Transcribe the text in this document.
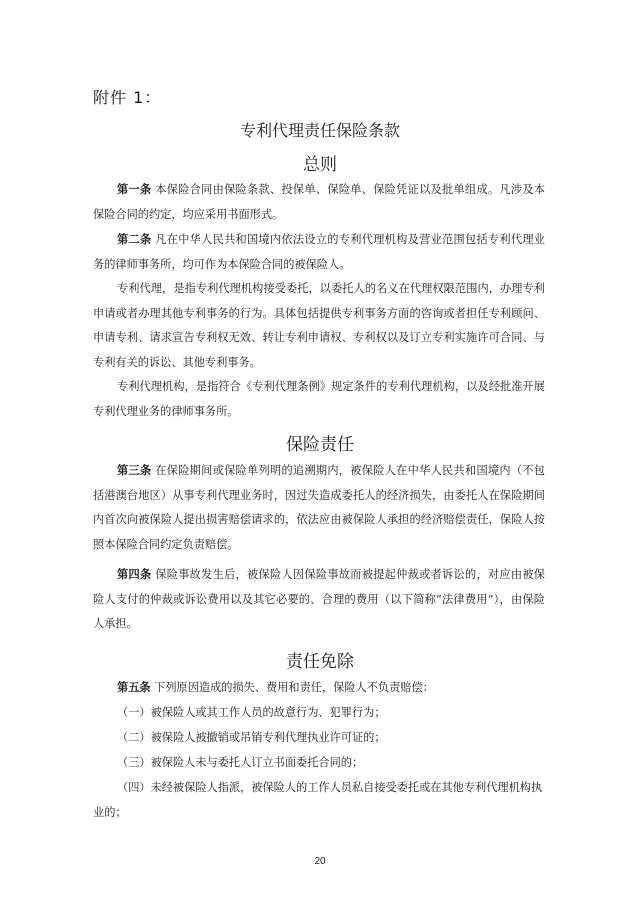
附件 1：
专利代理责任保险条款
总则
第一条 本保险合同由保险条款、投保单、保险单、保险凭证以及批单组成。凡涉及本保险合同的约定，均应采用书面形式。
第二条 凡在中华人民共和国境内依法设立的专利代理机构及营业范围包括专利代理业务的律师事务所，均可作为本保险合同的被保险人。
专利代理，是指专利代理机构接受委托，以委托人的名义在代理权限范围内，办理专利申请或者办理其他专利事务的行为。具体包括提供专利事务方面的咨询或者担任专利顾问、申请专利、请求宣告专利权无效、转让专利申请权、专利权以及订立专利实施许可合同、与专利有关的诉讼、其他专利事务。
专利代理机构，是指符合《专利代理条例》规定条件的专利代理机构，以及经批准开展专利代理业务的律师事务所。
保险责任
第三条 在保险期间或保险单列明的追溯期内，被保险人在中华人民共和国境内（不包括港澳台地区）从事专利代理业务时，因过失造成委托人的经济损失，由委托人在保险期间内首次向被保险人提出损害赔偿请求的，依法应由被保险人承担的经济赔偿责任，保险人按照本保险合同约定负责赔偿。
第四条 保险事故发生后，被保险人因保险事故而被提起仲裁或者诉讼的，对应由被保险人支付的仲裁或诉讼费用以及其它必要的、合理的费用（以下简称“法律费用”），由保险人承担。
责任免除
第五条 下列原因造成的损失、费用和责任，保险人不负责赔偿：
（一）被保险人或其工作人员的故意行为、犯罪行为；
（二）被保险人被撤销或吊销专利代理执业许可证的；
（三）被保险人未与委托人订立书面委托合同的；
（四）未经被保险人指派，被保险人的工作人员私自接受委托或在其他专利代理机构执业的；
20
